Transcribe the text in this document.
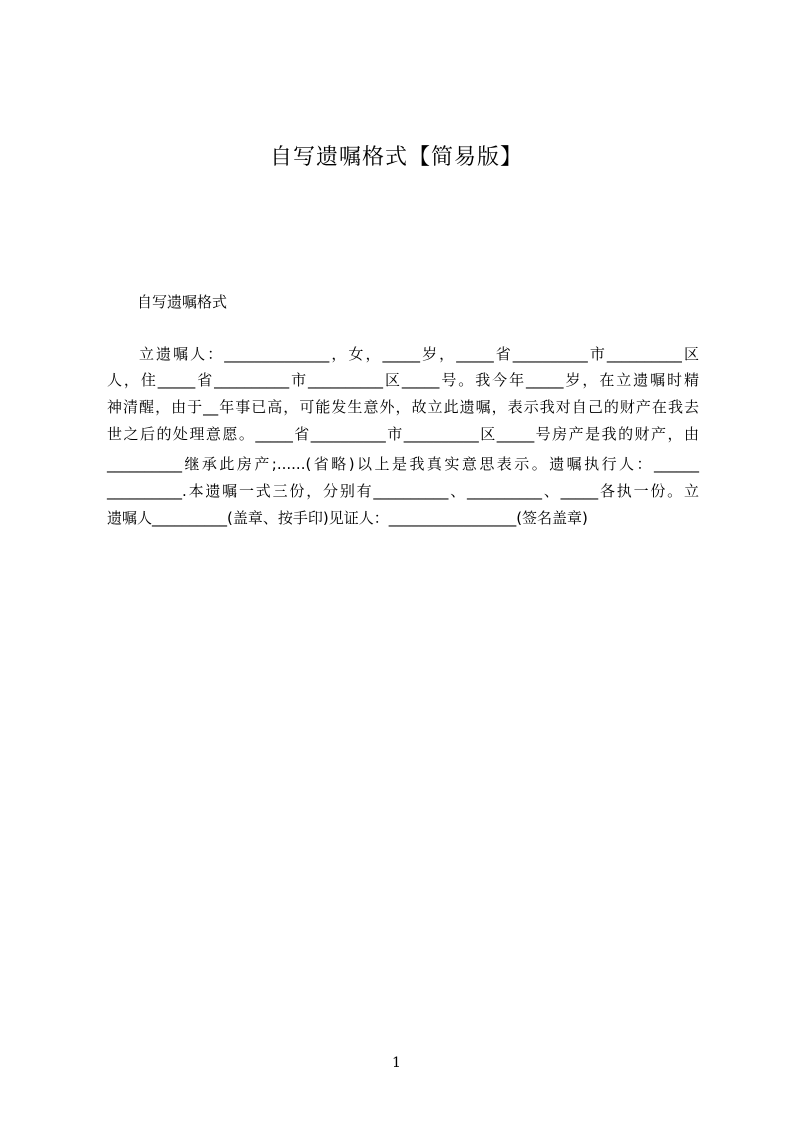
自写遗嘱格式【简易版】
自写遗嘱格式
立遗嘱人：______________，女，_____岁，_____省__________市__________区
人，住_____省__________市__________区_____号。我今年_____岁，在立遗嘱时精
神清醒，由于__年事已高，可能发生意外，故立此遗嘱，表示我对自己的财产在我去
世之后的处理意愿。_____省__________市__________区_____号房产是我的财产，由
__________继承此房产;......(省略)以上是我真实意思表示。遗嘱执行人：______
__________.本遗嘱一式三份，分别有__________、__________、_____各执一份。立
遗嘱人__________(盖章、按手印)见证人：_________________(签名盖章)
1
